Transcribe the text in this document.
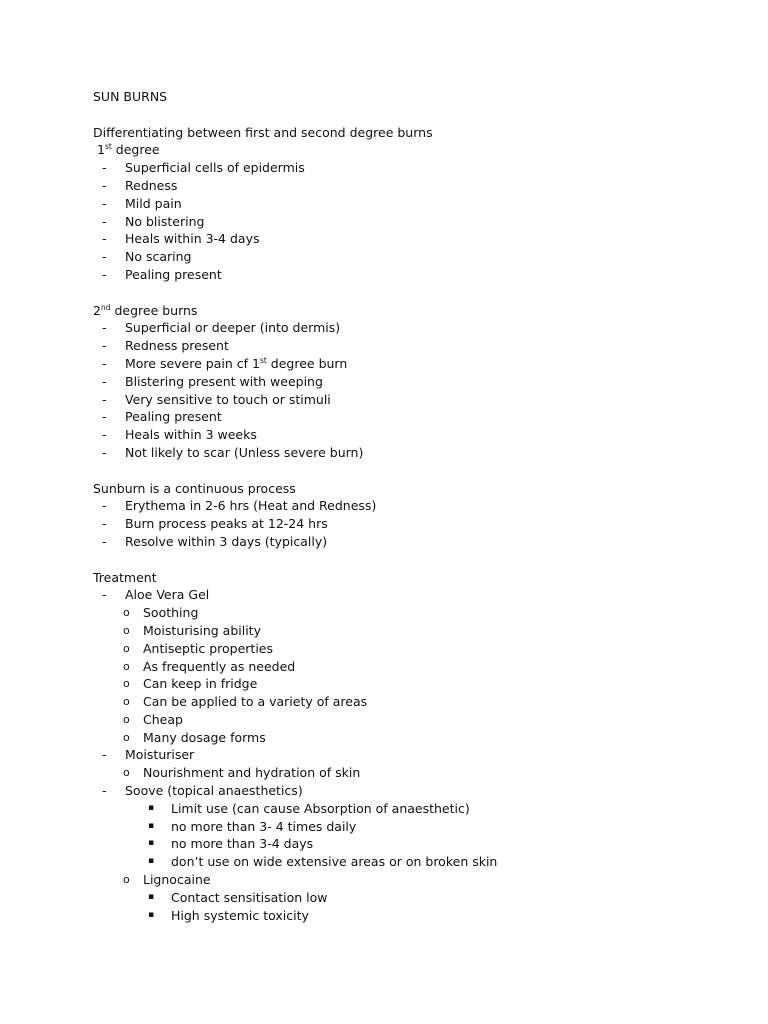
SUN BURNS
Differentiating between first and second degree burns
1st degree
- Superficial cells of epidermis
- Redness
- Mild pain
- No blistering
- Heals within 3-4 days
- No scaring
- Pealing present
2nd degree burns
- Superficial or deeper (into dermis)
- Redness present
- More severe pain cf 1st degree burn
- Blistering present with weeping
- Very sensitive to touch or stimuli
- Pealing present
- Heals within 3 weeks
- Not likely to scar (Unless severe burn)
Sunburn is a continuous process
- Erythema in 2-6 hrs (Heat and Redness)
- Burn process peaks at 12-24 hrs
- Resolve within 3 days (typically)
Treatment
- Aloe Vera Gel
o Soothing
o Moisturising ability
o Antiseptic properties
o As frequently as needed
o Can keep in fridge
o Can be applied to a variety of areas
o Cheap
o Many dosage forms
- Moisturiser
o Nourishment and hydration of skin
- Soove (topical anaesthetics)
▪ Limit use (can cause Absorption of anaesthetic)
▪ no more than 3- 4 times daily
▪ no more than 3-4 days
▪ don’t use on wide extensive areas or on broken skin
o Lignocaine
▪ Contact sensitisation low
▪ High systemic toxicity
